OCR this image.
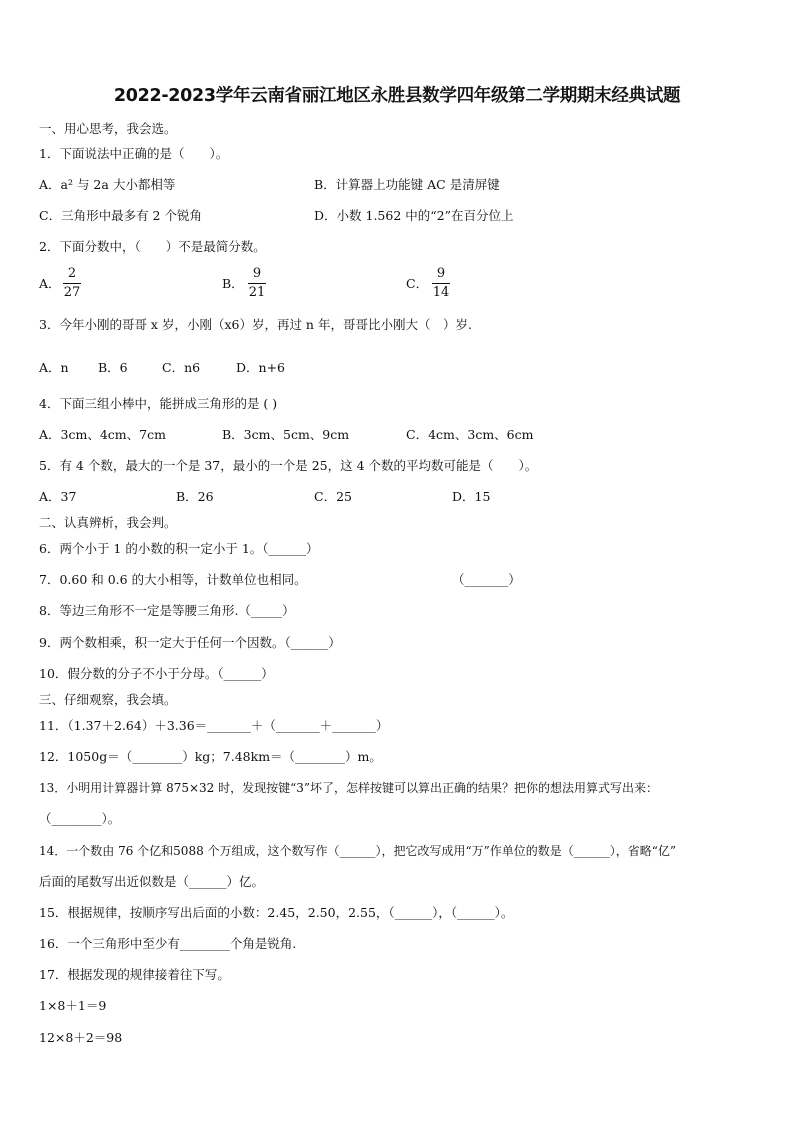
2022-2023学年云南省丽江地区永胜县数学四年级第二学期期末经典试题
一、用心思考，我会选。
1．下面说法中正确的是（　　）。
A．a² 与 2a 大小都相等	B．计算器上功能键 AC 是清屏键
C．三角形中最多有 2 个锐角	D．小数 1.562 中的“2”在百分位上
2．下面分数中，（　　）不是最简分数。
A．
2
27
B．
9
21
C．
9
14
3．今年小刚的哥哥 x 岁，小刚（x6）岁，再过 n 年，哥哥比小刚大（　）岁.
A．n B．6	C．n6	D．n+6
4．下面三组小棒中，能拼成三角形的是 ( )
A．3cm、4cm、7cm	B．3cm、5cm、9cm	C．4cm、3cm、6cm
5．有 4 个数，最大的一个是 37，最小的一个是 25，这 4 个数的平均数可能是（　　）。
A．37	B．26	C．25	D．15
二、认真辨析，我会判。
6．两个小于 1 的小数的积一定小于 1。（______）
7．0.60 和 0.6 的大小相等，计数单位也相同。	（_______）
8．等边三角形不一定是等腰三角形.（_____）
9．两个数相乘，积一定大于任何一个因数。（______）
10．假分数的分子不小于分母。（______）
三、仔细观察，我会填。
11．（1.37＋2.64）＋3.36＝_______＋（_______＋_______）
12．1050g＝（________）kg；7.48km＝（________）m。
13．小明用计算器计算 875×32 时，发现按键“3”坏了，怎样按键可以算出正确的结果？把你的想法用算式写出来：
（________）。
14．一个数由 76 个亿和5088 个万组成，这个数写作（______），把它改写成用“万”作单位的数是（______），省略“亿”
后面的尾数写出近似数是（______）亿。
15．根据规律，按顺序写出后面的小数：2.45，2.50，2.55，（______），（______）。
16．一个三角形中至少有________个角是锐角.
17．根据发现的规律接着往下写。
1×8＋1＝9
12×8＋2＝98
